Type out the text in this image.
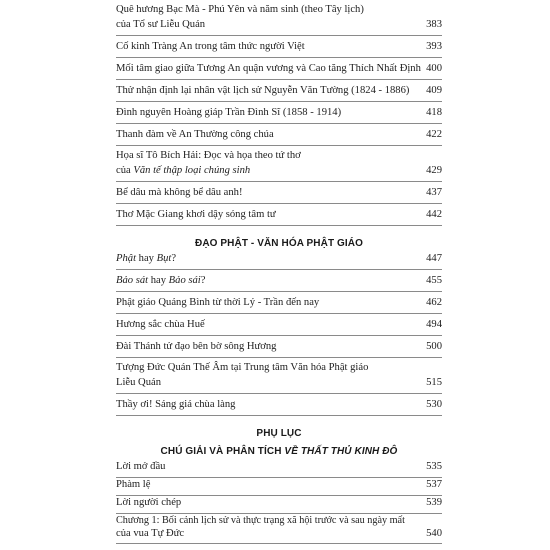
Quê hương Bạc Mà - Phú Yên và năm sinh (theo Tây lịch)
của Tổ sư Liễu Quán	383
Cố kinh Tràng An trong tâm thức người Việt	393
Mối tâm giao giữa Tương An quận vương và Cao tăng Thích Nhất Định 400
Thử nhận định lại nhân vật lịch sử Nguyễn Văn Tường (1824 - 1886) 409
Đình nguyên Hoàng giáp Trần Đình Sĩ (1858 - 1914)	418
Thanh đàm về An Thường công chúa	422
Họa sĩ Tô Bích Hải: Đọc và họa theo tứ thơ
của Văn tế thập loại chúng sinh	429
Bể dâu mà không bể dâu anh!	437
Thơ Mặc Giang khơi dậy sóng tâm tư	442
ĐẠO PHẬT - VĂN HÓA PHẬT GIÁO
Phật hay Bụt?	447
Bảo sát hay Bảo sái?	455
Phật giáo Quảng Bình từ thời Lý - Trần đến nay	462
Hương sắc chùa Huế	494
Đài Thánh tử đạo bên bờ sông Hương	500
Tượng Đức Quán Thế Âm tại Trung tâm Văn hóa Phật giáo
Liễu Quán	515
Thầy ơi! Sáng giá chùa làng	530
PHỤ LỤC
CHÚ GIẢI VÀ PHÂN TÍCH VỀ THẤT THỦ KINH ĐÔ
Lời mở đầu	535
Phàm lệ	537
Lời người chép	539
Chương 1: Bối cảnh lịch sử và thực trạng xã hội trước và sau ngày mất
của vua Tự Đức	540
